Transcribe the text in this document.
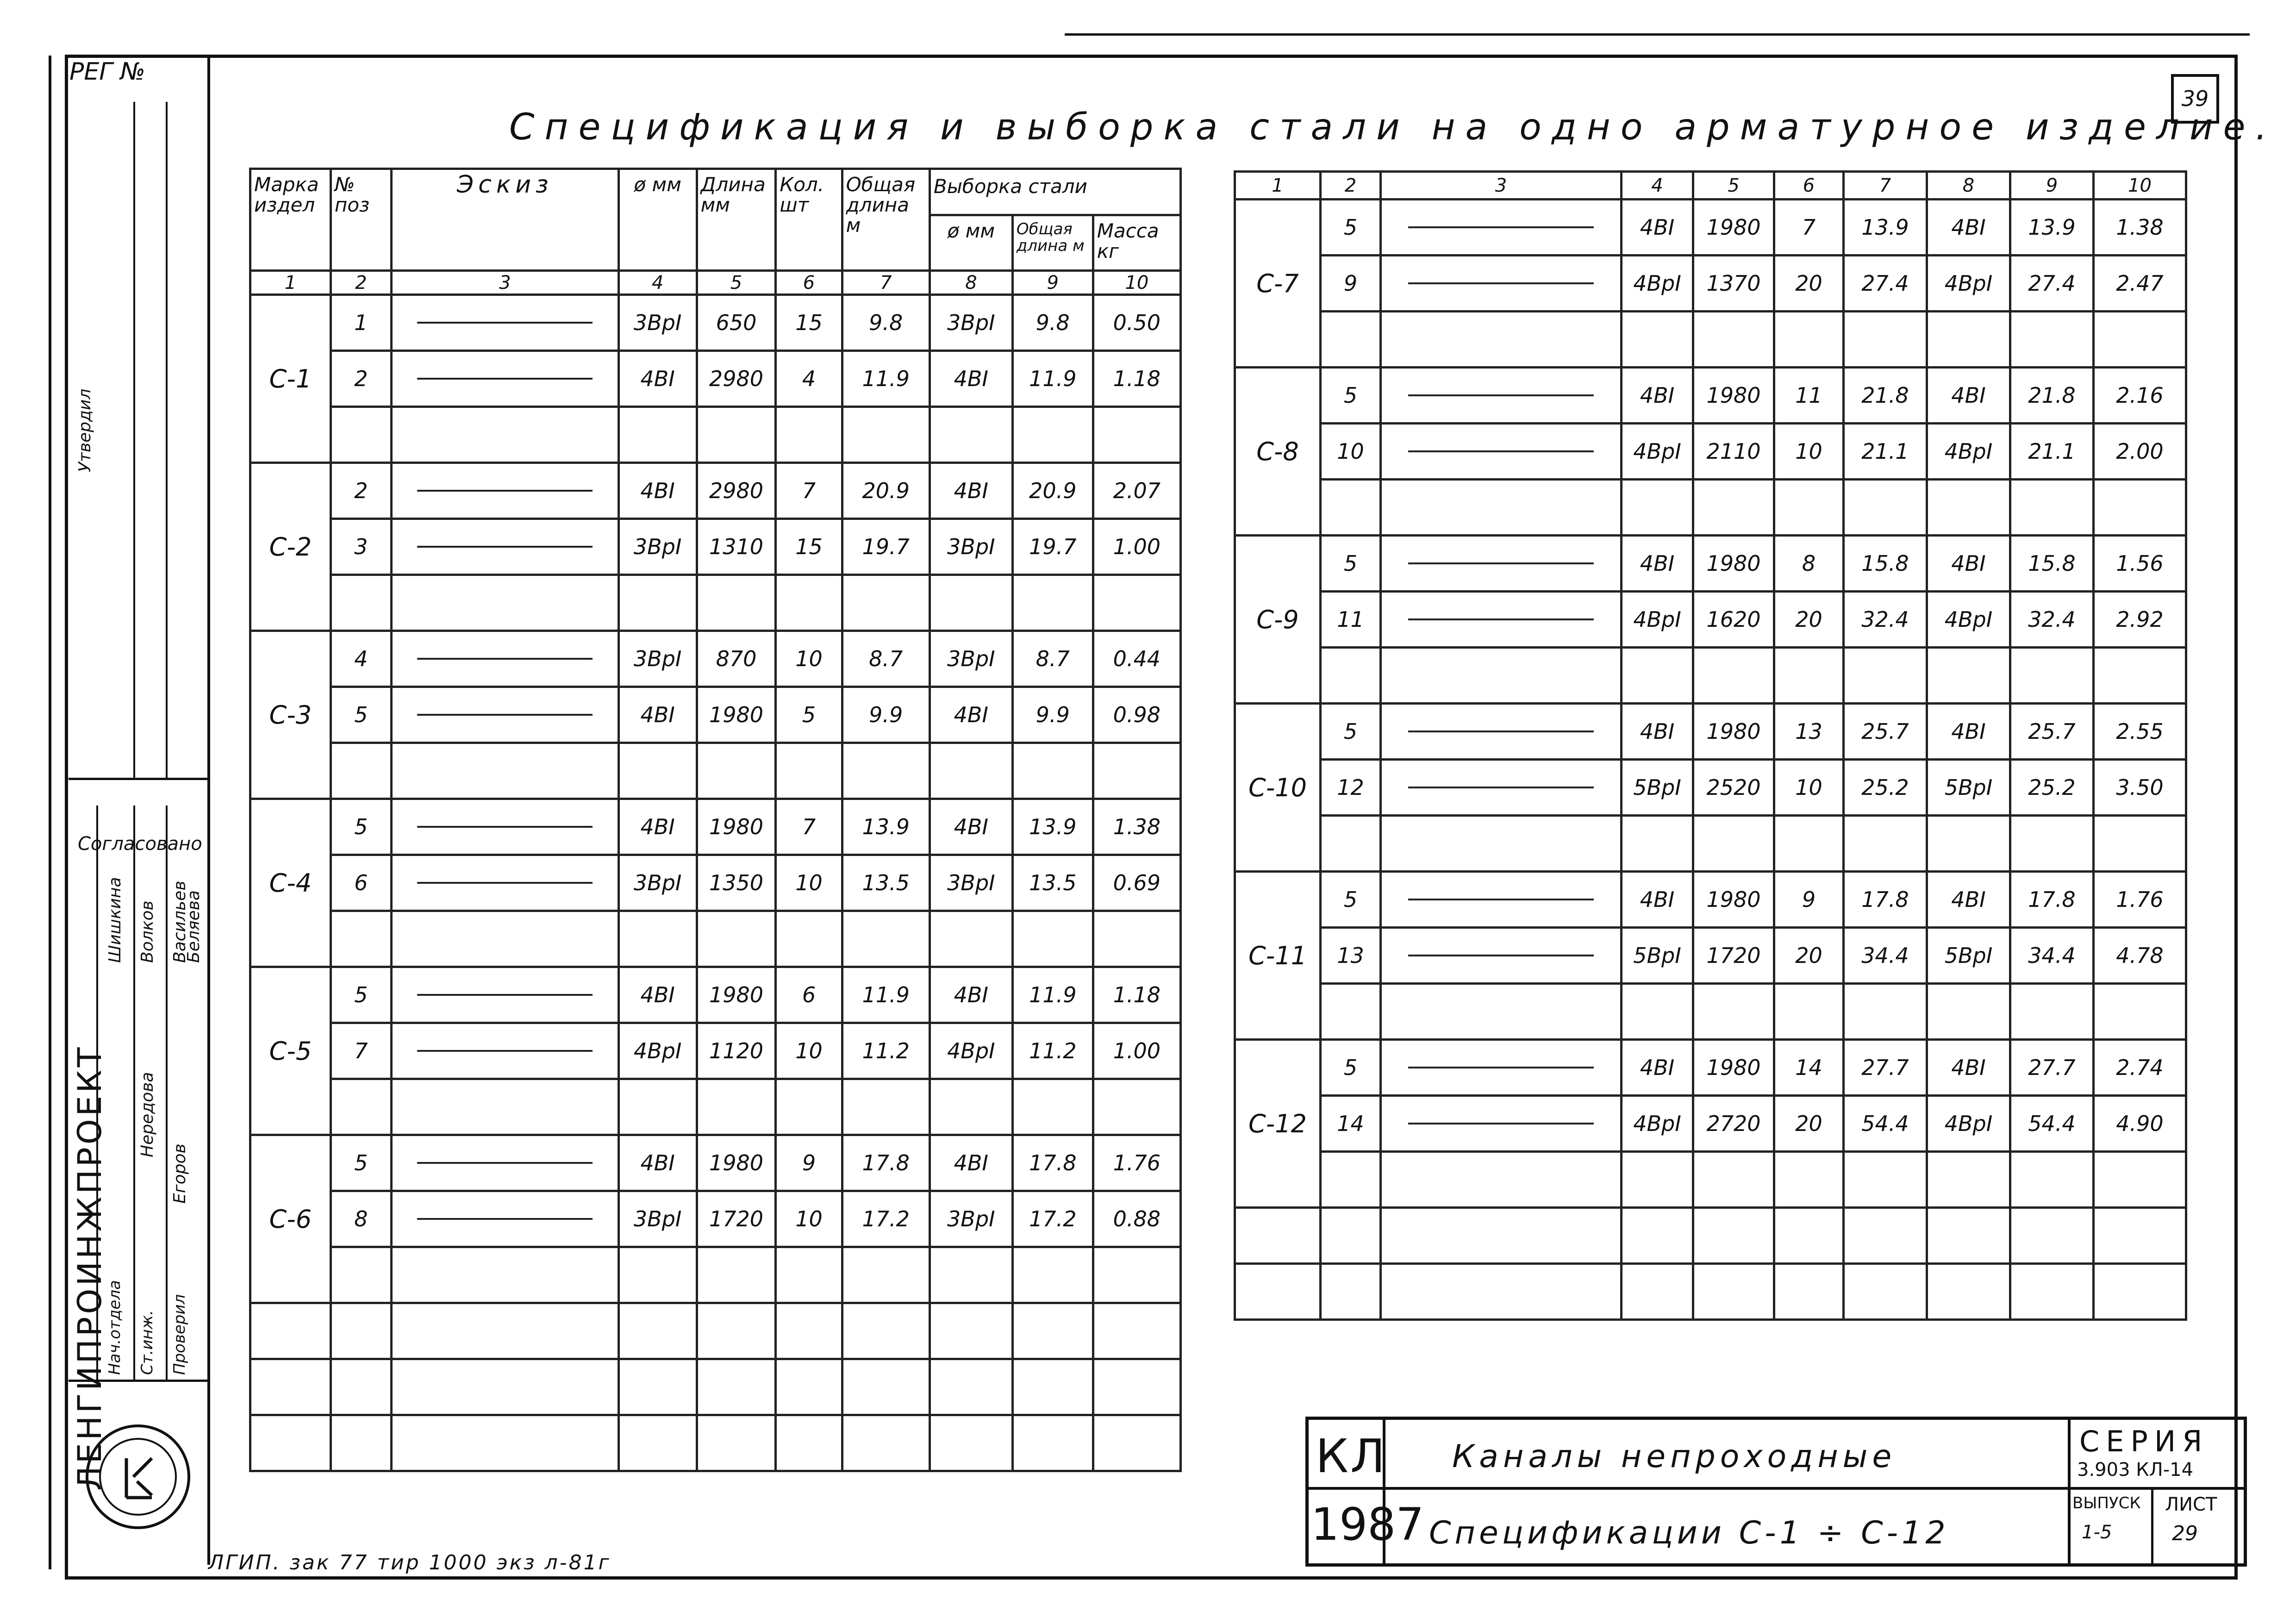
РЕГ №
39
Спецификация и выборка стали на одно арматурное изделие.
ЛЕНГИПРОИНЖПРОЕКТ
Согласовано
Утвердил
Нач.отдела Ст.инж. Проверил
Егоров
Нередова
Васильев
Волков
Шишкина	Беляева
Марка издел	№ поз	Эскиз	ø мм	Длина мм	Кол. шт	Общая длина м	Выборка стали		
							ø мм	Общая длина м	Масса кг
1	2	3	4	5	6	7	8	9	10
С-1	1		3ВрI	650	15	9.8	3ВрI	9.8	0.50
	2		4ВI	2980	4	11.9	4ВI	11.9	1.18

С-2	2		4ВI	2980	7	20.9	4ВI	20.9	2.07
	3		3ВрI	1310	15	19.7	3ВрI	19.7	1.00

С-3	4		3ВрI	870	10	8.7	3ВрI	8.7	0.44
	5		4ВI	1980	5	9.9	4ВI	9.9	0.98

С-4	5		4ВI	1980	7	13.9	4ВI	13.9	1.38
	6		3ВрI	1350	10	13.5	3ВрI	13.5	0.69

С-5	5		4ВI	1980	6	11.9	4ВI	11.9	1.18
	7		4ВрI	1120	10	11.2	4ВрI	11.2	1.00

С-6	5		4ВI	1980	9	17.8	4ВI	17.8	1.76
	8		3ВрI	1720	10	17.2	3ВрI	17.2	0.88

1	2	3	4	5	6	7	8	9	10
С-7	5		4ВI	1980	7	13.9	4ВI	13.9	1.38
	9		4ВрI	1370	20	27.4	4ВрI	27.4	2.47

С-8	5		4ВI	1980	11	21.8	4ВI	21.8	2.16
	10		4ВрI	2110	10	21.1	4ВрI	21.1	2.00

С-9	5		4ВI	1980	8	15.8	4ВI	15.8	1.56
	11		4ВрI	1620	20	32.4	4ВрI	32.4	2.92

С-10	5		4ВI	1980	13	25.7	4ВI	25.7	2.55
	12		5ВрI	2520	10	25.2	5ВрI	25.2	3.50

С-11	5		4ВI	1980	9	17.8	4ВI	17.8	1.76
	13		5ВрI	1720	20	34.4	5ВрI	34.4	4.78

С-12	5		4ВI	1980	14	27.7	4ВI	27.7	2.74
	14		4ВрI	2720	20	54.4	4ВрI	54.4	4.90

КЛ
1987
Каналы непроходные
Спецификации С-1 ÷ С-12
СЕРИЯ
3.903 КЛ-14
ВЫПУСК
1-5
ЛИСТ
29
ЛГИП. зак 77 тир 1000 экз л-81г
